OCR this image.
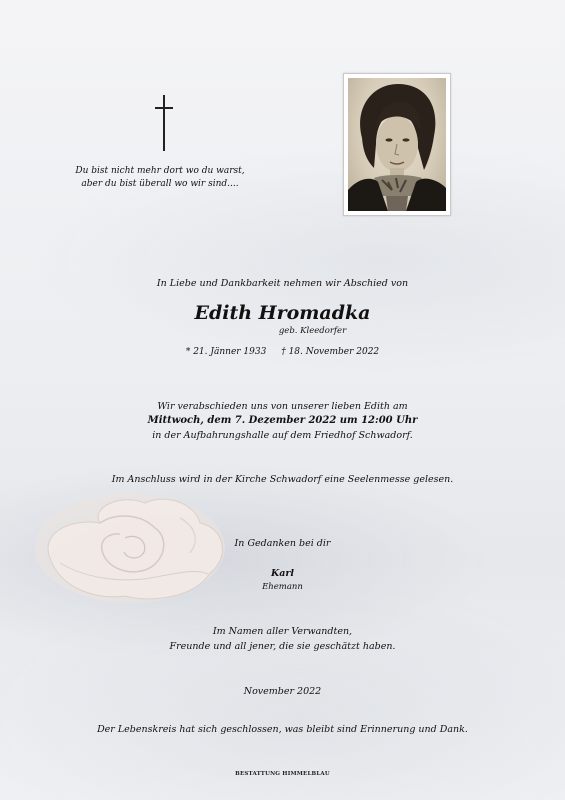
Du bist nicht mehr dort wo du warst,
aber du bist überall wo wir sind....
In Liebe und Dankbarkeit nehmen wir Abschied von
Edith Hromadka
geb. Kleedorfer
* 21. Jänner 1933 † 18. November 2022
Wir verabschieden uns von unserer lieben Edith am
Mittwoch, dem 7. Dezember 2022 um 12:00 Uhr
in der Aufbahrungshalle auf dem Friedhof Schwadorf.
Im Anschluss wird in der Kirche Schwadorf eine Seelenmesse gelesen.
In Gedanken bei dir
Karl
Ehemann
Im Namen aller Verwandten,
Freunde und all jener, die sie geschätzt haben.
November 2022
Der Lebenskreis hat sich geschlossen, was bleibt sind Erinnerung und Dank.
BESTATTUNG HIMMELBLAU
